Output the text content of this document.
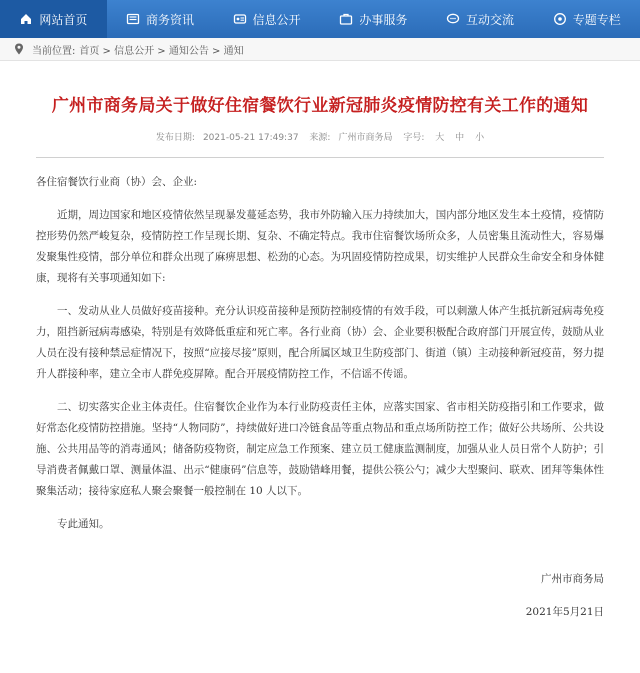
网站首页	商务资讯	信息公开	办事服务	互动交流	专题专栏
当前位置: 首页 > 信息公开 > 通知公告 > 通知
广州市商务局关于做好住宿餐饮行业新冠肺炎疫情防控有关工作的通知
发布日期: 2021-05-21 17:49:37 来源: 广州市商务局 字号: 大 中 小

各住宿餐饮行业商（协）会、企业:

近期，周边国家和地区疫情依然呈现暴发蔓延态势，我市外防输入压力持续加大，国内部分地区发生本土疫情，疫情防控形势仍然严峻复杂，疫情防控工作呈现长期、复杂、不确定特点。我市住宿餐饮场所众多，人员密集且流动性大，容易爆发聚集性疫情，部分单位和群众出现了麻痹思想、松劲的心态。为巩固疫情防控成果，切实维护人民群众生命安全和身体健康，现将有关事项通知如下:

一、发动从业人员做好疫苗接种。充分认识疫苗接种是预防控制疫情的有效手段，可以刺激人体产生抵抗新冠病毒免疫力，阻挡新冠病毒感染，特别是有效降低重症和死亡率。各行业商（协）会、企业要积极配合政府部门开展宣传，鼓励从业人员在没有接种禁忌症情况下，按照“应接尽接”原则，配合所属区域卫生防疫部门、街道（镇）主动接种新冠疫苗，努力提升人群接种率，建立全市人群免疫屏障。配合开展疫情防控工作，不信谣不传谣。

二、切实落实企业主体责任。住宿餐饮企业作为本行业防疫责任主体，应落实国家、省市相关防疫指引和工作要求，做好常态化疫情防控措施。坚持“人物同防”，持续做好进口冷链食品等重点物品和重点场所防控工作；做好公共场所、公共设施、公共用品等的消毒通风；储备防疫物资，制定应急工作预案、建立员工健康监测制度，加强从业人员日常个人防护；引导消费者佩戴口罩、测量体温、出示“健康码”信息等，鼓励错峰用餐，提供公筷公勺；减少大型聚问、联欢、团拜等集体性聚集活动；接待家庭私人聚会聚餐一般控制在 10 人以下。

专此通知。

广州市商务局
2021年5月21日
